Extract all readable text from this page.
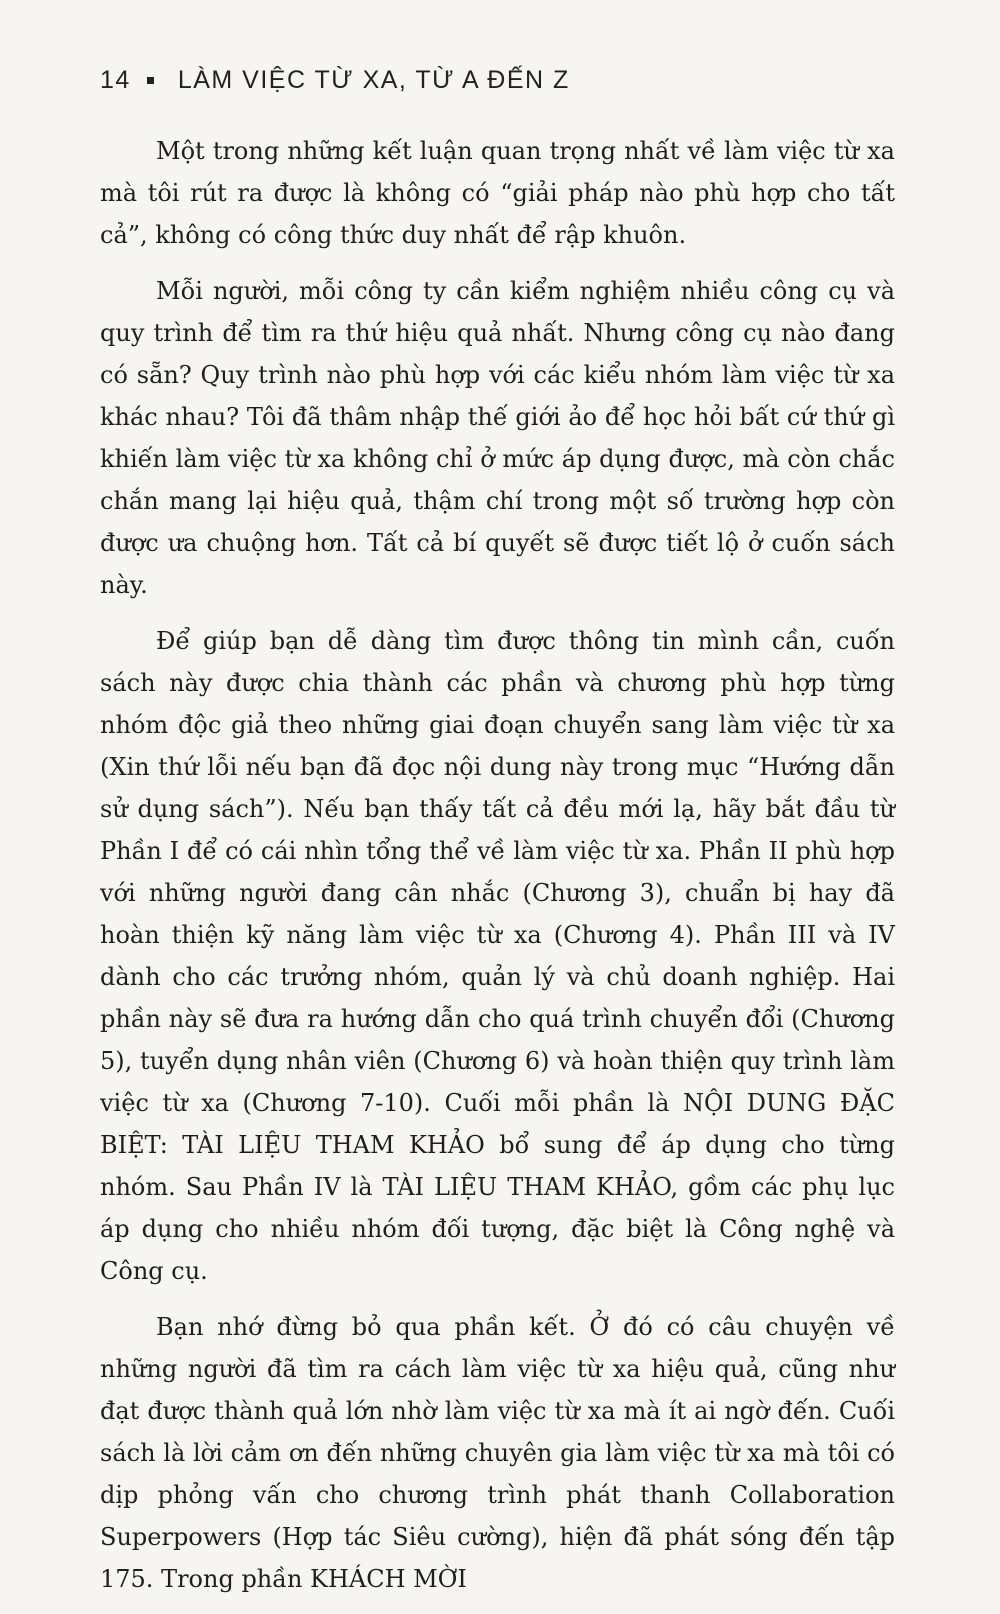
14 LÀM VIỆC TỪ XA, TỪ A ĐẾN Z

Một trong những kết luận quan trọng nhất về làm việc từ xa mà tôi rút ra được là không có “giải pháp nào phù hợp cho tất cả”, không có công thức duy nhất để rập khuôn.

Mỗi người, mỗi công ty cần kiểm nghiệm nhiều công cụ và quy trình để tìm ra thứ hiệu quả nhất. Nhưng công cụ nào đang có sẵn? Quy trình nào phù hợp với các kiểu nhóm làm việc từ xa khác nhau? Tôi đã thâm nhập thế giới ảo để học hỏi bất cứ thứ gì khiến làm việc từ xa không chỉ ở mức áp dụng được, mà còn chắc chắn mang lại hiệu quả, thậm chí trong một số trường hợp còn được ưa chuộng hơn. Tất cả bí quyết sẽ được tiết lộ ở cuốn sách này.

Để giúp bạn dễ dàng tìm được thông tin mình cần, cuốn sách này được chia thành các phần và chương phù hợp từng nhóm độc giả theo những giai đoạn chuyển sang làm việc từ xa (Xin thứ lỗi nếu bạn đã đọc nội dung này trong mục “Hướng dẫn sử dụng sách”). Nếu bạn thấy tất cả đều mới lạ, hãy bắt đầu từ Phần I để có cái nhìn tổng thể về làm việc từ xa. Phần II phù hợp với những người đang cân nhắc (Chương 3), chuẩn bị hay đã hoàn thiện kỹ năng làm việc từ xa (Chương 4). Phần III và IV dành cho các trưởng nhóm, quản lý và chủ doanh nghiệp. Hai phần này sẽ đưa ra hướng dẫn cho quá trình chuyển đổi (Chương 5), tuyển dụng nhân viên (Chương 6) và hoàn thiện quy trình làm việc từ xa (Chương 7-10). Cuối mỗi phần là NỘI DUNG ĐẶC BIỆT: TÀI LIỆU THAM KHẢO bổ sung để áp dụng cho từng nhóm. Sau Phần IV là TÀI LIỆU THAM KHẢO, gồm các phụ lục áp dụng cho nhiều nhóm đối tượng, đặc biệt là Công nghệ và Công cụ.

Bạn nhớ đừng bỏ qua phần kết. Ở đó có câu chuyện về những người đã tìm ra cách làm việc từ xa hiệu quả, cũng như đạt được thành quả lớn nhờ làm việc từ xa mà ít ai ngờ đến. Cuối sách là lời cảm ơn đến những chuyên gia làm việc từ xa mà tôi có dịp phỏng vấn cho chương trình phát thanh Collaboration Superpowers (Hợp tác Siêu cường), hiện đã phát sóng đến tập 175. Trong phần KHÁCH MỜI
